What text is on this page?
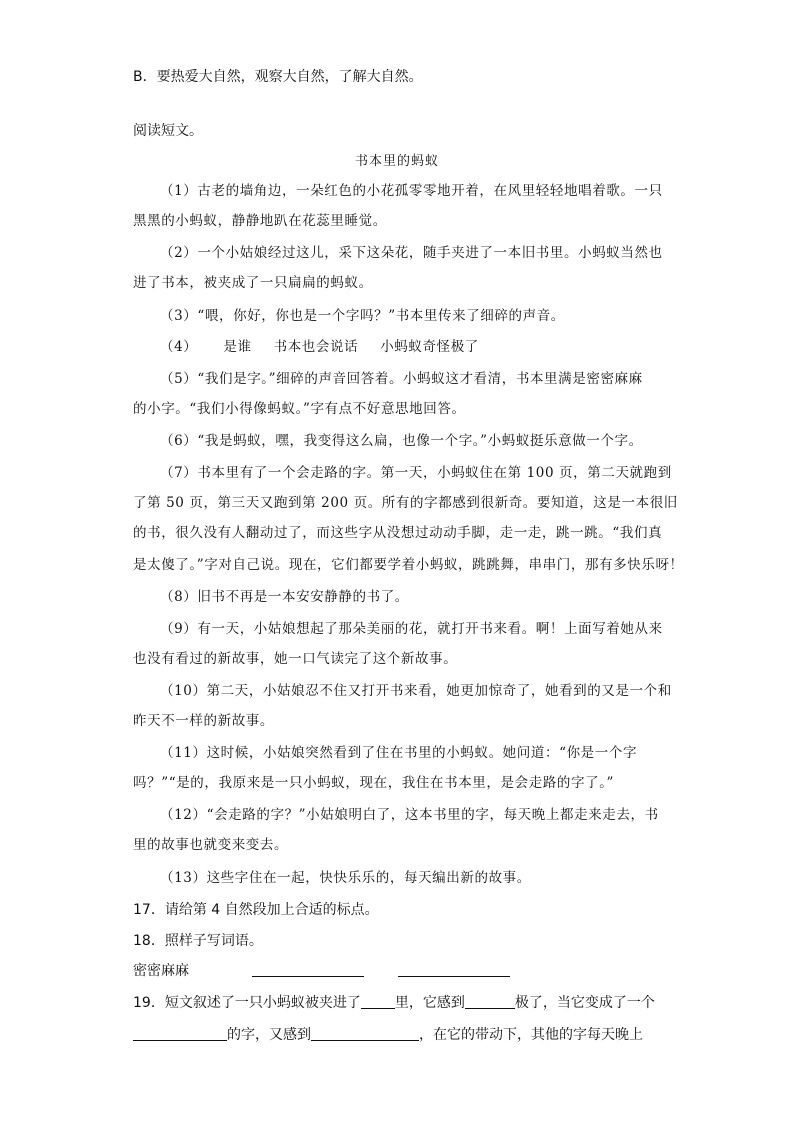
B．要热爱大自然，观察大自然，了解大自然。
阅读短文。
书本里的蚂蚁
（1）古老的墙角边，一朵红色的小花孤零零地开着，在风里轻轻地唱着歌。一只
黑黑的小蚂蚁，静静地趴在花蕊里睡觉。
（2）一个小姑娘经过这儿，采下这朵花，随手夹进了一本旧书里。小蚂蚁当然也
进了书本，被夹成了一只扁扁的蚂蚁。
（3）“喂，你好，你也是一个字吗？”书本里传来了细碎的声音。
（4） 是谁 书本也会说话 小蚂蚁奇怪极了
（5）“我们是字。”细碎的声音回答着。小蚂蚁这才看清，书本里满是密密麻麻
的小字。“我们小得像蚂蚁。”字有点不好意思地回答。
（6）“我是蚂蚁，嘿，我变得这么扁，也像一个字。”小蚂蚁挺乐意做一个字。
（7）书本里有了一个会走路的字。第一天，小蚂蚁住在第 100 页，第二天就跑到
了第 50 页，第三天又跑到第 200 页。所有的字都感到很新奇。要知道，这是一本很旧
的书，很久没有人翻动过了，而这些字从没想过动动手脚，走一走，跳一跳。“我们真
是太傻了。”字对自己说。现在，它们都要学着小蚂蚁，跳跳舞，串串门，那有多快乐呀！
（8）旧书不再是一本安安静静的书了。
（9）有一天，小姑娘想起了那朵美丽的花，就打开书来看。啊！上面写着她从来
也没有看过的新故事，她一口气读完了这个新故事。
（10）第二天，小姑娘忍不住又打开书来看，她更加惊奇了，她看到的又是一个和
昨天不一样的新故事。
（11）这时候，小姑娘突然看到了住在书里的小蚂蚁。她问道：“你是一个字
吗？”“是的，我原来是一只小蚂蚁，现在，我住在书本里，是会走路的字了。”
（12）“会走路的字？”小姑娘明白了，这本书里的字，每天晚上都走来走去，书
里的故事也就变来变去。
（13）这些字住在一起，快快乐乐的，每天编出新的故事。
17．请给第 4 自然段加上合适的标点。
18．照样子写词语。
密密麻麻
19．短文叙述了一只小蚂蚁被夹进了 里，它感到	极了，当它变成了一个
的字，又感到	，在它的带动下，其他的字每天晚上
